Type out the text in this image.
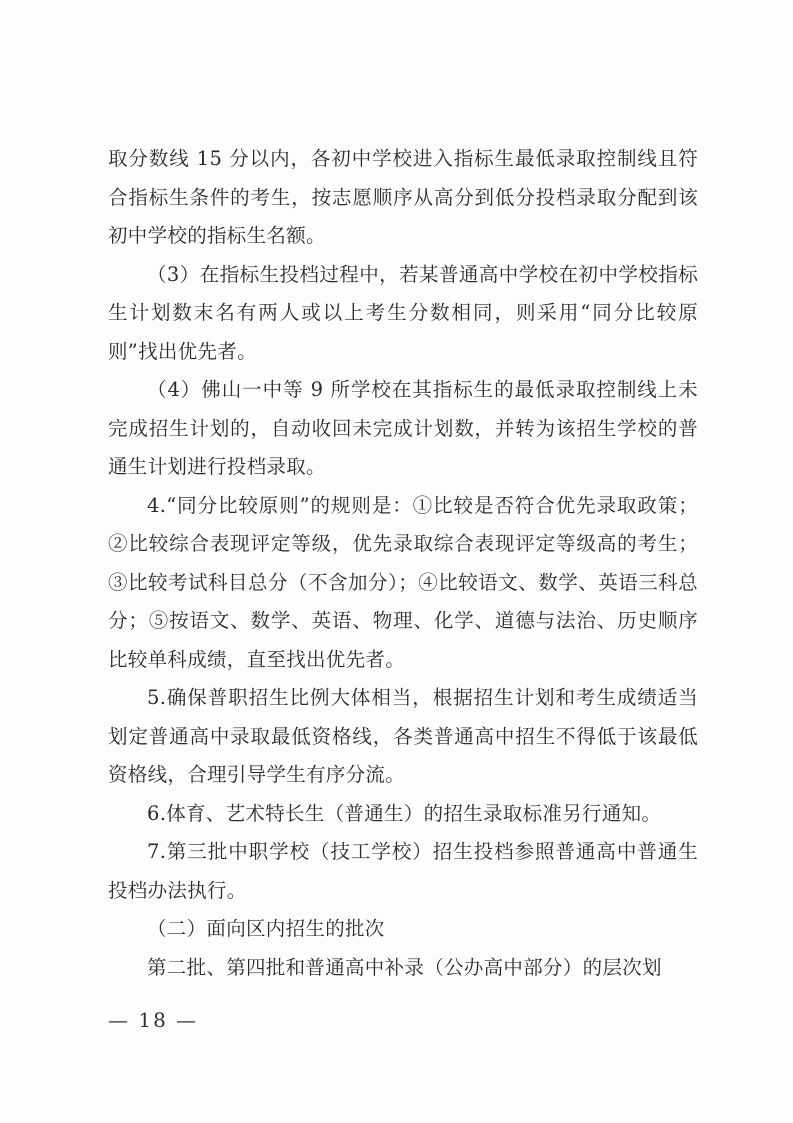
取分数线 15 分以内，各初中学校进入指标生最低录取控制线且符合指标生条件的考生，按志愿顺序从高分到低分投档录取分配到该初中学校的指标生名额。

（3）在指标生投档过程中，若某普通高中学校在初中学校指标生计划数末名有两人或以上考生分数相同，则采用“同分比较原则”找出优先者。

（4）佛山一中等 9 所学校在其指标生的最低录取控制线上未完成招生计划的，自动收回未完成计划数，并转为该招生学校的普通生计划进行投档录取。

4.“同分比较原则”的规则是：①比较是否符合优先录取政策；②比较综合表现评定等级，优先录取综合表现评定等级高的考生；③比较考试科目总分（不含加分）；④比较语文、数学、英语三科总分；⑤按语文、数学、英语、物理、化学、道德与法治、历史顺序比较单科成绩，直至找出优先者。

5.确保普职招生比例大体相当，根据招生计划和考生成绩适当划定普通高中录取最低资格线，各类普通高中招生不得低于该最低资格线，合理引导学生有序分流。

6.体育、艺术特长生（普通生）的招生录取标准另行通知。

7.第三批中职学校（技工学校）招生投档参照普通高中普通生投档办法执行。

（二）面向区内招生的批次

第二批、第四批和普通高中补录（公办高中部分）的层次划

— 18 —
